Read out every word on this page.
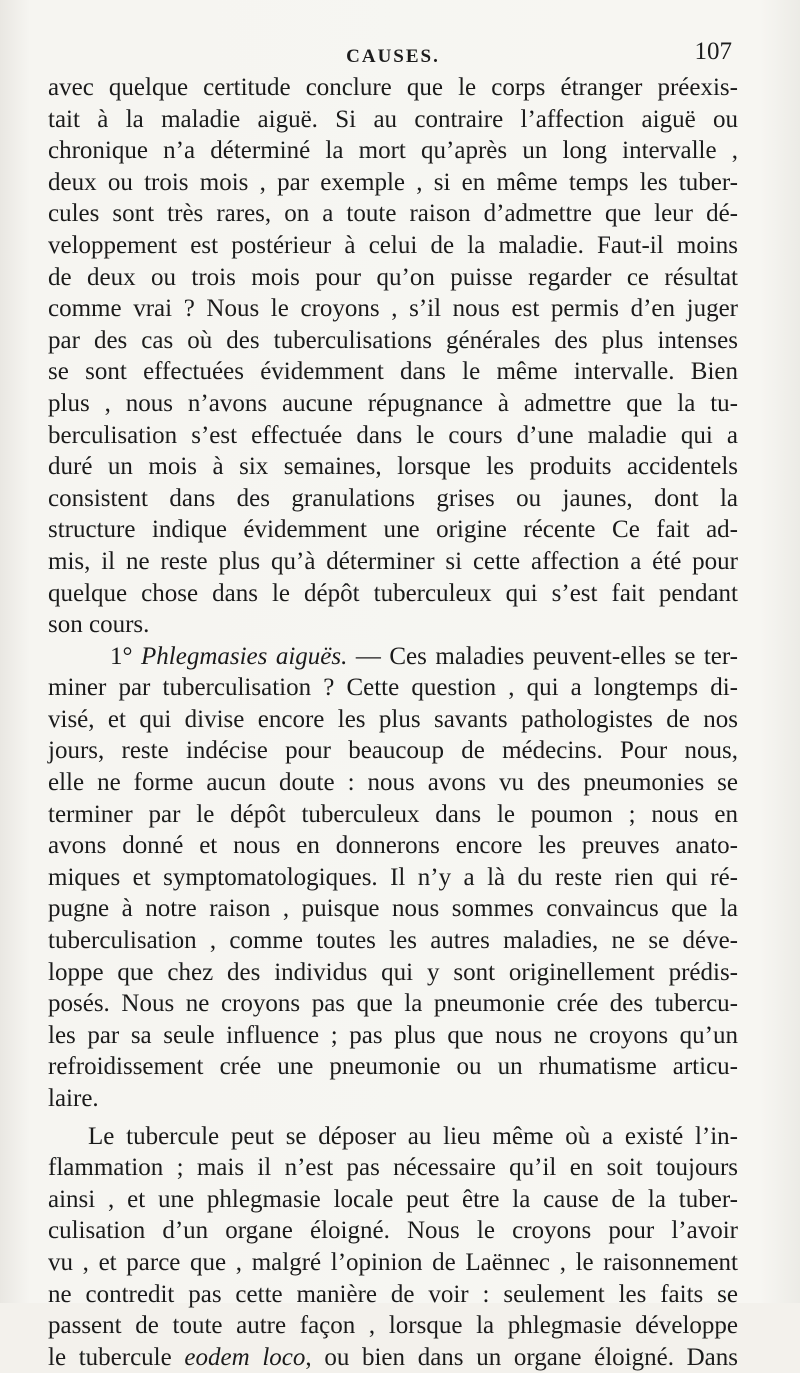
CAUSES.	107
avec quelque certitude conclure que le corps étranger préexis-
tait à la maladie aiguë. Si au contraire l’affection aiguë ou
chronique n’a déterminé la mort qu’après un long intervalle ,
deux ou trois mois , par exemple , si en même temps les tuber-
cules sont très rares, on a toute raison d’admettre que leur dé-
veloppement est postérieur à celui de la maladie. Faut-il moins
de deux ou trois mois pour qu’on puisse regarder ce résultat
comme vrai ? Nous le croyons , s’il nous est permis d’en juger
par des cas où des tuberculisations générales des plus intenses
se sont effectuées évidemment dans le même intervalle. Bien
plus , nous n’avons aucune répugnance à admettre que la tu-
berculisation s’est effectuée dans le cours d’une maladie qui a
duré un mois à six semaines, lorsque les produits accidentels
consistent dans des granulations grises ou jaunes, dont la
structure indique évidemment une origine récente Ce fait ad-
mis, il ne reste plus qu’à déterminer si cette affection a été pour
quelque chose dans le dépôt tuberculeux qui s’est fait pendant
son cours.
1° Phlegmasies aiguës. — Ces maladies peuvent-elles se ter-
miner par tuberculisation ? Cette question , qui a longtemps di-
visé, et qui divise encore les plus savants pathologistes de nos
jours, reste indécise pour beaucoup de médecins. Pour nous,
elle ne forme aucun doute : nous avons vu des pneumonies se
terminer par le dépôt tuberculeux dans le poumon ; nous en
avons donné et nous en donnerons encore les preuves anato-
miques et symptomatologiques. Il n’y a là du reste rien qui ré-
pugne à notre raison , puisque nous sommes convaincus que la
tuberculisation , comme toutes les autres maladies, ne se déve-
loppe que chez des individus qui y sont originellement prédis-
posés. Nous ne croyons pas que la pneumonie crée des tubercu-
les par sa seule influence ; pas plus que nous ne croyons qu’un
refroidissement crée une pneumonie ou un rhumatisme articu-
laire.
Le tubercule peut se déposer au lieu même où a existé l’in-
flammation ; mais il n’est pas nécessaire qu’il en soit toujours
ainsi , et une phlegmasie locale peut être la cause de la tuber-
culisation d’un organe éloigné. Nous le croyons pour l’avoir
vu , et parce que , malgré l’opinion de Laënnec , le raisonnement
ne contredit pas cette manière de voir : seulement les faits se
passent de toute autre façon , lorsque la phlegmasie développe
le tubercule eodem loco, ou bien dans un organe éloigné. Dans
